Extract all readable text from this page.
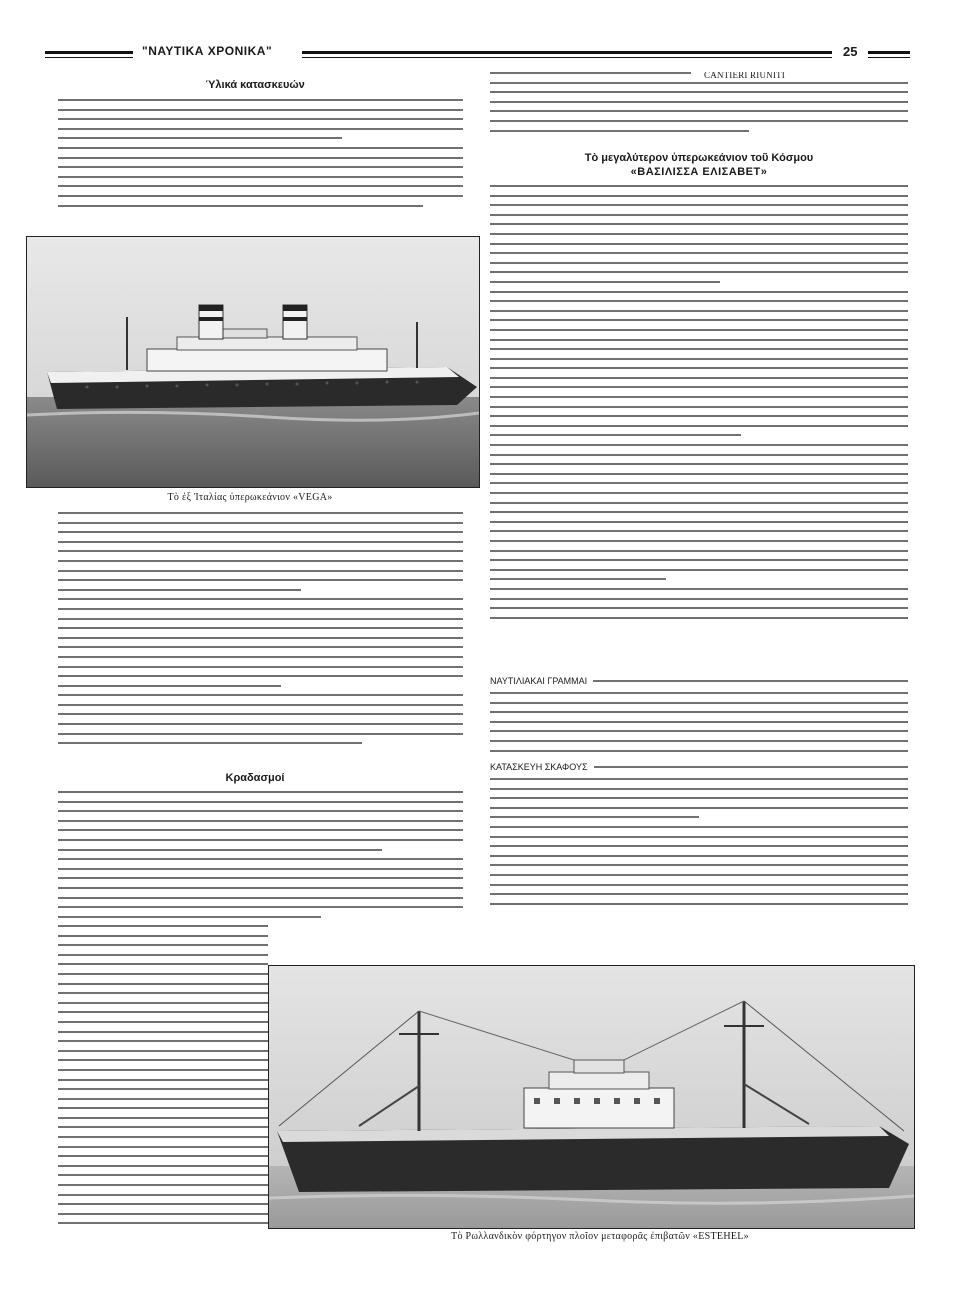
"ΝΑΥΤΙΚΑ ΧΡΟΝΙΚΑ"	25
Ύλικά κατασκευών
Τὸ ἐξ Ἰταλίας ὑπερωκεάνιον «VEGA»
Κραδασμοί
CANTIERI RIUNITI
Τὸ μεγαλύτερον ὑπερωκεάνιον τοῦ Κόσμου
«ΒΑΣΙΛΙΣΣΑ ΕΛΙΣΑΒΕΤ»
ΝΑΥΤΙΛΙΑΚΑΙ ΓΡΑΜΜΑΙ
ΚΑΤΑΣΚΕΥΗ ΣΚΑΦΟΥΣ
Τὸ Ρωλλανδικὸν φόρτηγον πλοῖον μεταφορᾶς ἐπιβατῶν «ΕSTEHEL»
